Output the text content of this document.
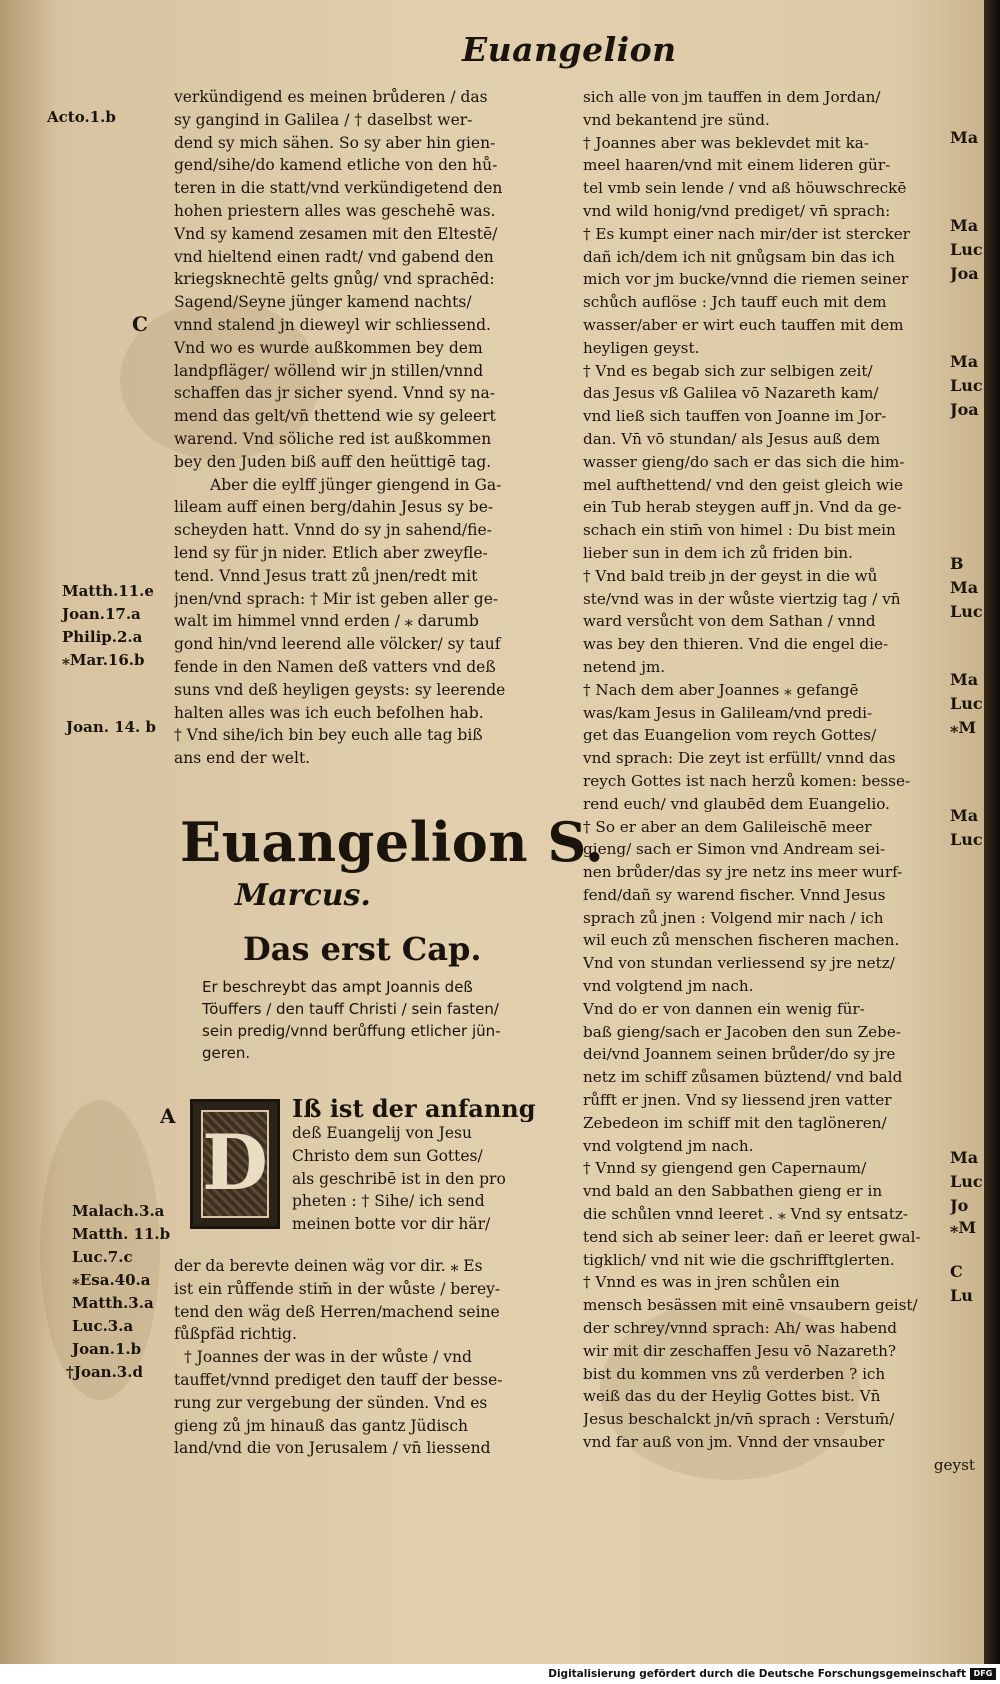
Euangelion
Acto.1.b
C
Matth.11.e
Joan.17.a
Philip.2.a
⁎Mar.16.b
Joan. 14. b
verkündigend es meinen brůderen / das
sy gangind in Galilea / † daselbst wer-
dend sy mich sähen. So sy aber hin gien-
gend/sihe/do kamend etliche von den hů-
teren in die statt/vnd verkündigetend den
hohen priestern alles was geschehē was.
Vnd sy kamend zesamen mit den Eltestē/
vnd hieltend einen radt/ vnd gabend den
kriegsknechtē gelts gnůg/ vnd sprachēd:
Sagend/Seyne jünger kamend nachts/
vnnd stalend jn dieweyl wir schliessend.
Vnd wo es wurde außkommen bey dem
landpfläger/ wöllend wir jn stillen/vnnd
schaffen das jr sicher syend. Vnnd sy na-
mend das gelt/vn̄ thettend wie sy geleert
warend. Vnd söliche red ist außkommen
bey den Juden biß auff den heüttigē tag.
Aber die eylff jünger giengend in Ga-
lileam auff einen berg/dahin Jesus sy be-
scheyden hatt. Vnnd do sy jn sahend/fie-
lend sy für jn nider. Etlich aber zweyfle-
tend. Vnnd Jesus tratt zů jnen/redt mit
jnen/vnd sprach: † Mir ist geben aller ge-
walt im himmel vnnd erden / ⁎ darumb
gond hin/vnd leerend alle völcker/ sy tauf
fende in den Namen deß vatters vnd deß
suns vnd deß heyligen geysts: sy leerende
halten alles was ich euch befolhen hab.
† Vnd sihe/ich bin bey euch alle tag biß
ans end der welt.
Euangelion S.
Marcus.
Das erst Cap.
Er beschreybt das ampt Joannis deß
Töuffers / den tauff Christi / sein fasten/
sein predig/vnnd berůffung etlicher jün-
geren.
A
D
Iß ist der anfanng
deß Euangelij von Jesu
Christo dem sun Gottes/
als geschribē ist in den pro
pheten : † Sihe/ ich send
meinen botte vor dir här/
der da berevte deinen wäg vor dir. ⁎ Es
ist ein růffende stim̄ in der wůste / berey-
tend den wäg deß Herren/machend seine
fůßpfäd richtig.
† Joannes der was in der wůste / vnd
tauffet/vnnd prediget den tauff der besse-
rung zur vergebung der sünden. Vnd es
gieng zů jm hinauß das gantz Jüdisch
land/vnd die von Jerusalem / vn̄ liessend
Malach.3.a
Matth. 11.b
Luc.7.c
⁎Esa.40.a
Matth.3.a
Luc.3.a
Joan.1.b
†Joan.3.d
sich alle von jm tauffen in dem Jordan/
vnd bekantend jre sünd.
† Joannes aber was beklevdet mit ka-
meel haaren/vnd mit einem lideren gür-
tel vmb sein lende / vnd aß höuwschreckē
vnd wild honig/vnd prediget/ vn̄ sprach:
† Es kumpt einer nach mir/der ist stercker
dañ ich/dem ich nit gnůgsam bin das ich
mich vor jm bucke/vnnd die riemen seiner
schůch auflöse : Jch tauff euch mit dem
wasser/aber er wirt euch tauffen mit dem
heyligen geyst.
† Vnd es begab sich zur selbigen zeit/
das Jesus vß Galilea vō Nazareth kam/
vnd ließ sich tauffen von Joanne im Jor-
dan. Vn̄ vō stundan/ als Jesus auß dem
wasser gieng/do sach er das sich die him-
mel aufthettend/ vnd den geist gleich wie
ein Tub herab steygen auff jn. Vnd da ge-
schach ein stim̄ von himel : Du bist mein
lieber sun in dem ich zů friden bin.
† Vnd bald treib jn der geyst in die wů
ste/vnd was in der wůste viertzig tag / vn̄
ward versůcht von dem Sathan / vnnd
was bey den thieren. Vnd die engel die-
netend jm.
† Nach dem aber Joannes ⁎ gefangē
was/kam Jesus in Galileam/vnd predi-
get das Euangelion vom reych Gottes/
vnd sprach: Die zeyt ist erfüllt/ vnnd das
reych Gottes ist nach herzů komen: besse-
rend euch/ vnd glaubēd dem Euangelio.
† So er aber an dem Galileischē meer
gieng/ sach er Simon vnd Andream sei-
nen brůder/das sy jre netz ins meer wurf-
fend/dañ sy warend fischer. Vnnd Jesus
sprach zů jnen : Volgend mir nach / ich
wil euch zů menschen fischeren machen.
Vnd von stundan verliessend sy jre netz/
vnd volgtend jm nach.
Vnd do er von dannen ein wenig für-
baß gieng/sach er Jacoben den sun Zebe-
dei/vnd Joannem seinen brůder/do sy jre
netz im schiff zůsamen büztend/ vnd bald
růfft er jnen. Vnd sy liessend jren vatter
Zebedeon im schiff mit den taglöneren/
vnd volgtend jm nach.
† Vnnd sy giengend gen Capernaum/
vnd bald an den Sabbathen gieng er in
die schůlen vnnd leeret . ⁎ Vnd sy entsatz-
tend sich ab seiner leer: dañ er leeret gwal-
tigklich/ vnd nit wie die gschrifftglerten.
† Vnnd es was in jren schůlen ein
mensch besässen mit einē vnsaubern geist/
der schrey/vnnd sprach: Ah/ was habend
wir mit dir zeschaffen Jesu vō Nazareth?
bist du kommen vns zů verderben ? ich
weiß das du der Heylig Gottes bist. Vn̄
Jesus beschalckt jn/vn̄ sprach : Verstum̄/
vnd far auß von jm. Vnnd der vnsauber
geyst
Ma
Ma
Luc
Joa
Ma
Luc
Joa
B
Ma
Luc
Ma
Luc
⁎M
Ma
Luc
Ma
Luc
Jo
⁎M
C
Lu
Digitalisierung gefördert durch die Deutsche Forschungsgemeinschaft DFG
